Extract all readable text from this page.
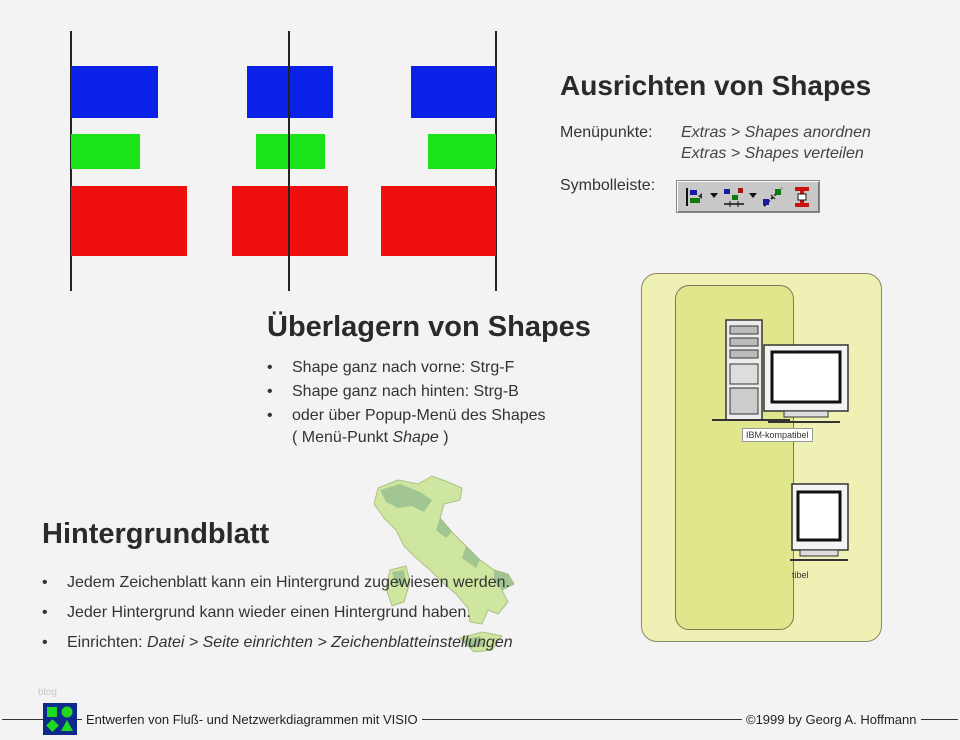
Ausrichten von Shapes
Menüpunkte: Extras > Shapes anordnen
Extras > Shapes verteilen
Symbolleiste:
Überlagern von Shapes
• Shape ganz nach vorne: Strg-F
• Shape ganz nach hinten: Strg-B
• oder über Popup-Menü des Shapes
( Menü-Punkt Shape )	IBM-kompatibel
tibel
Hintergrundblatt
• Jedem Zeichenblatt kann ein Hintergrund zugewiesen werden.
• Jeder Hintergrund kann wieder einen Hintergrund haben.
• Einrichten: Datei > Seite einrichten > Zeichenblatteinstellungen
blog
Entwerfen von Fluß- und Netzwerkdiagrammen mit VISIO	©1999 by Georg A. Hoffmann
